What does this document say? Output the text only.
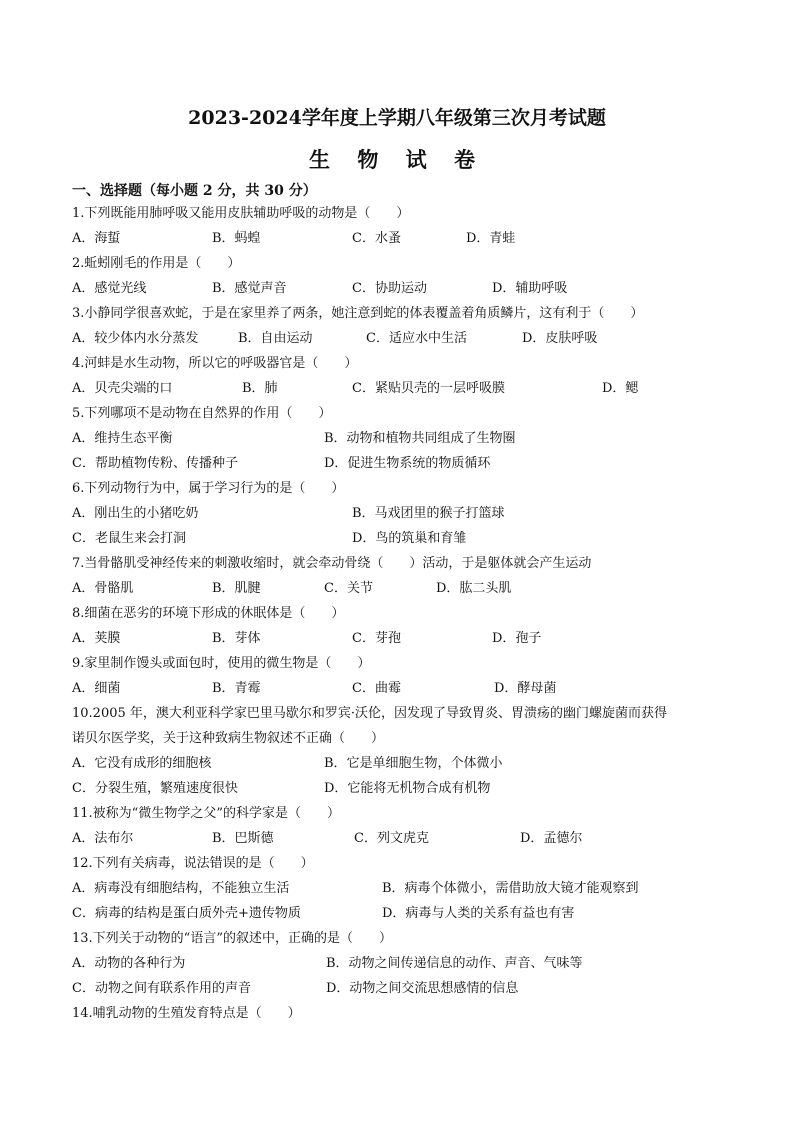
2023-2024学年度上学期八年级第三次月考试题
生 物 试 卷
一、选择题（每小题 2 分，共 30 分）
1.下列既能用肺呼吸又能用皮肤辅助呼吸的动物是（　　）
A．海蜇	B．蚂蝗	C．水蚤	D．青蛙
2.蚯蚓刚毛的作用是（　　）
A．感觉光线	B．感觉声音	C．协助运动	D．辅助呼吸
3.小静同学很喜欢蛇，于是在家里养了两条，她注意到蛇的体表覆盖着角质鳞片，这有利于（　　）
A．较少体内水分蒸发	B．自由运动	C．适应水中生活	D．皮肤呼吸
4.河蚌是水生动物，所以它的呼吸器官是（　　）
A．贝壳尖端的口	B．肺	C．紧贴贝壳的一层呼吸膜	D．鳃
5.下列哪项不是动物在自然界的作用（　　）
A．维持生态平衡	B．动物和植物共同组成了生物圈
C．帮助植物传粉、传播种子	D．促进生物系统的物质循环
6.下列动物行为中，属于学习行为的是（　　）
A．刚出生的小猪吃奶	B．马戏团里的猴子打篮球
C．老鼠生来会打洞	D．鸟的筑巢和育雏
7.当骨骼肌受神经传来的刺激收缩时，就会牵动骨绕（　　）活动，于是躯体就会产生运动
A．骨骼肌	B．肌腱	C．关节	D．肱二头肌
8.细菌在恶劣的环境下形成的休眠体是（　　）
A．荚膜	B．芽体	C．芽孢	D．孢子
9.家里制作馒头或面包时，使用的微生物是（　　）
A．细菌	B．青霉	C．曲霉	D．酵母菌
10.2005 年，澳大利亚科学家巴里马歇尔和罗宾·沃伦，因发现了导致胃炎、胃溃疡的幽门螺旋菌而获得
诺贝尔医学奖，关于这种致病生物叙述不正确（　　）
A．它没有成形的细胞核	B．它是单细胞生物，个体微小
C．分裂生殖，繁殖速度很快	D．它能将无机物合成有机物
11.被称为“微生物学之父”的科学家是（　　）
A．法布尔	B．巴斯德	C．列文虎克	D．孟德尔
12.下列有关病毒，说法错误的是（　　）
A．病毒没有细胞结构，不能独立生活	B．病毒个体微小，需借助放大镜才能观察到
C．病毒的结构是蛋白质外壳+遗传物质	D．病毒与人类的关系有益也有害
13.下列关于动物的“语言”的叙述中，正确的是（　　）
A．动物的各种行为	B．动物之间传递信息的动作、声音、气味等
C．动物之间有联系作用的声音	D．动物之间交流思想感情的信息
14.哺乳动物的生殖发育特点是（　　）
